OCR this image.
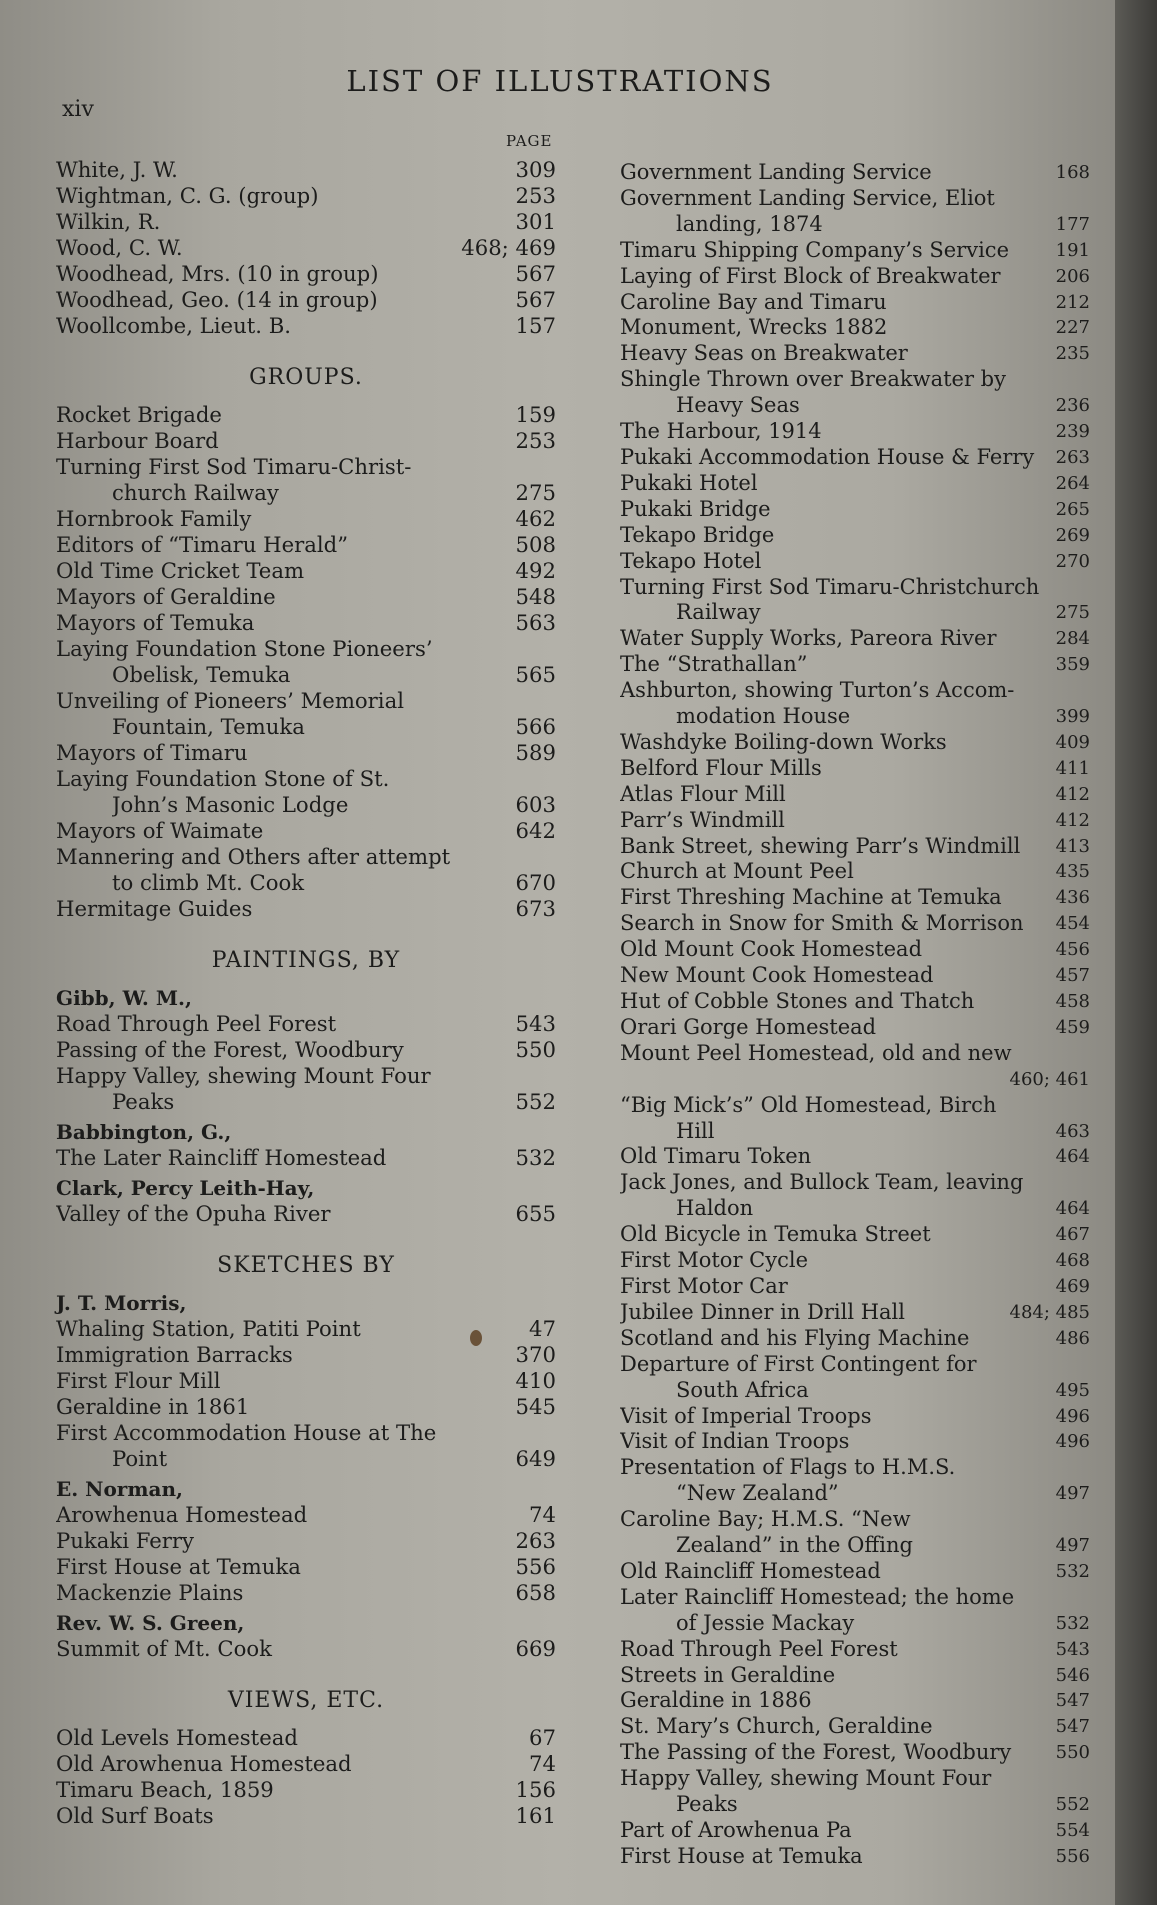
LIST OF ILLUSTRATIONS
xiv
PAGE
White, J. W.	309
Wightman, C. G. (group)	253
Wilkin, R.	301
Wood, C. W.	468; 469
Woodhead, Mrs. (10 in group)	567
Woodhead, Geo. (14 in group)	567
Woollcombe, Lieut. B.	157
GROUPS.
Rocket Brigade	159
Harbour Board	253
Turning First Sod Timaru-Christ-
church Railway	275
Hornbrook Family	462
Editors of “Timaru Herald”	508
Old Time Cricket Team	492
Mayors of Geraldine	548
Mayors of Temuka	563
Laying Foundation Stone Pioneers’
Obelisk, Temuka	565
Unveiling of Pioneers’ Memorial
Fountain, Temuka	566
Mayors of Timaru	589
Laying Foundation Stone of St.
John’s Masonic Lodge	603
Mayors of Waimate	642
Mannering and Others after attempt
to climb Mt. Cook	670
Hermitage Guides	673
PAINTINGS, BY
Gibb, W. M.,
Road Through Peel Forest	543
Passing of the Forest, Woodbury	550
Happy Valley, shewing Mount Four
Peaks	552
Babbington, G.,
The Later Raincliff Homestead	532
Clark, Percy Leith-Hay,
Valley of the Opuha River	655
SKETCHES BY
J. T. Morris,
Whaling Station, Patiti Point	47
Immigration Barracks	370
First Flour Mill	410
Geraldine in 1861	545
First Accommodation House at The
Point	649
E. Norman,
Arowhenua Homestead	74
Pukaki Ferry	263
First House at Temuka	556
Mackenzie Plains	658
Rev. W. S. Green,
Summit of Mt. Cook	669
VIEWS, ETC.
Old Levels Homestead	67
Old Arowhenua Homestead	74
Timaru Beach, 1859	156
Old Surf Boats	161
Government Landing Service	168
Government Landing Service, Eliot
landing, 1874	177
Timaru Shipping Company’s Service	191
Laying of First Block of Breakwater	206
Caroline Bay and Timaru	212
Monument, Wrecks 1882	227
Heavy Seas on Breakwater	235
Shingle Thrown over Breakwater by
Heavy Seas	236
The Harbour, 1914	239
Pukaki Accommodation House & Ferry	263
Pukaki Hotel	264
Pukaki Bridge	265
Tekapo Bridge	269
Tekapo Hotel	270
Turning First Sod Timaru-Christchurch
Railway	275
Water Supply Works, Pareora River	284
The “Strathallan”	359
Ashburton, showing Turton’s Accom-
modation House	399
Washdyke Boiling-down Works	409
Belford Flour Mills	411
Atlas Flour Mill	412
Parr’s Windmill	412
Bank Street, shewing Parr’s Windmill	413
Church at Mount Peel	435
First Threshing Machine at Temuka	436
Search in Snow for Smith & Morrison	454
Old Mount Cook Homestead	456
New Mount Cook Homestead	457
Hut of Cobble Stones and Thatch	458
Orari Gorge Homestead	459
Mount Peel Homestead, old and new
460; 461
“Big Mick’s” Old Homestead, Birch
Hill	463
Old Timaru Token	464
Jack Jones, and Bullock Team, leaving
Haldon	464
Old Bicycle in Temuka Street	467
First Motor Cycle	468
First Motor Car	469
Jubilee Dinner in Drill Hall	484; 485
Scotland and his Flying Machine	486
Departure of First Contingent for
South Africa	495
Visit of Imperial Troops	496
Visit of Indian Troops	496
Presentation of Flags to H.M.S.
“New Zealand”	497
Caroline Bay; H.M.S. “New
Zealand” in the Offing	497
Old Raincliff Homestead	532
Later Raincliff Homestead; the home
of Jessie Mackay	532
Road Through Peel Forest	543
Streets in Geraldine	546
Geraldine in 1886	547
St. Mary’s Church, Geraldine	547
The Passing of the Forest, Woodbury	550
Happy Valley, shewing Mount Four
Peaks	552
Part of Arowhenua Pa	554
First House at Temuka	556
